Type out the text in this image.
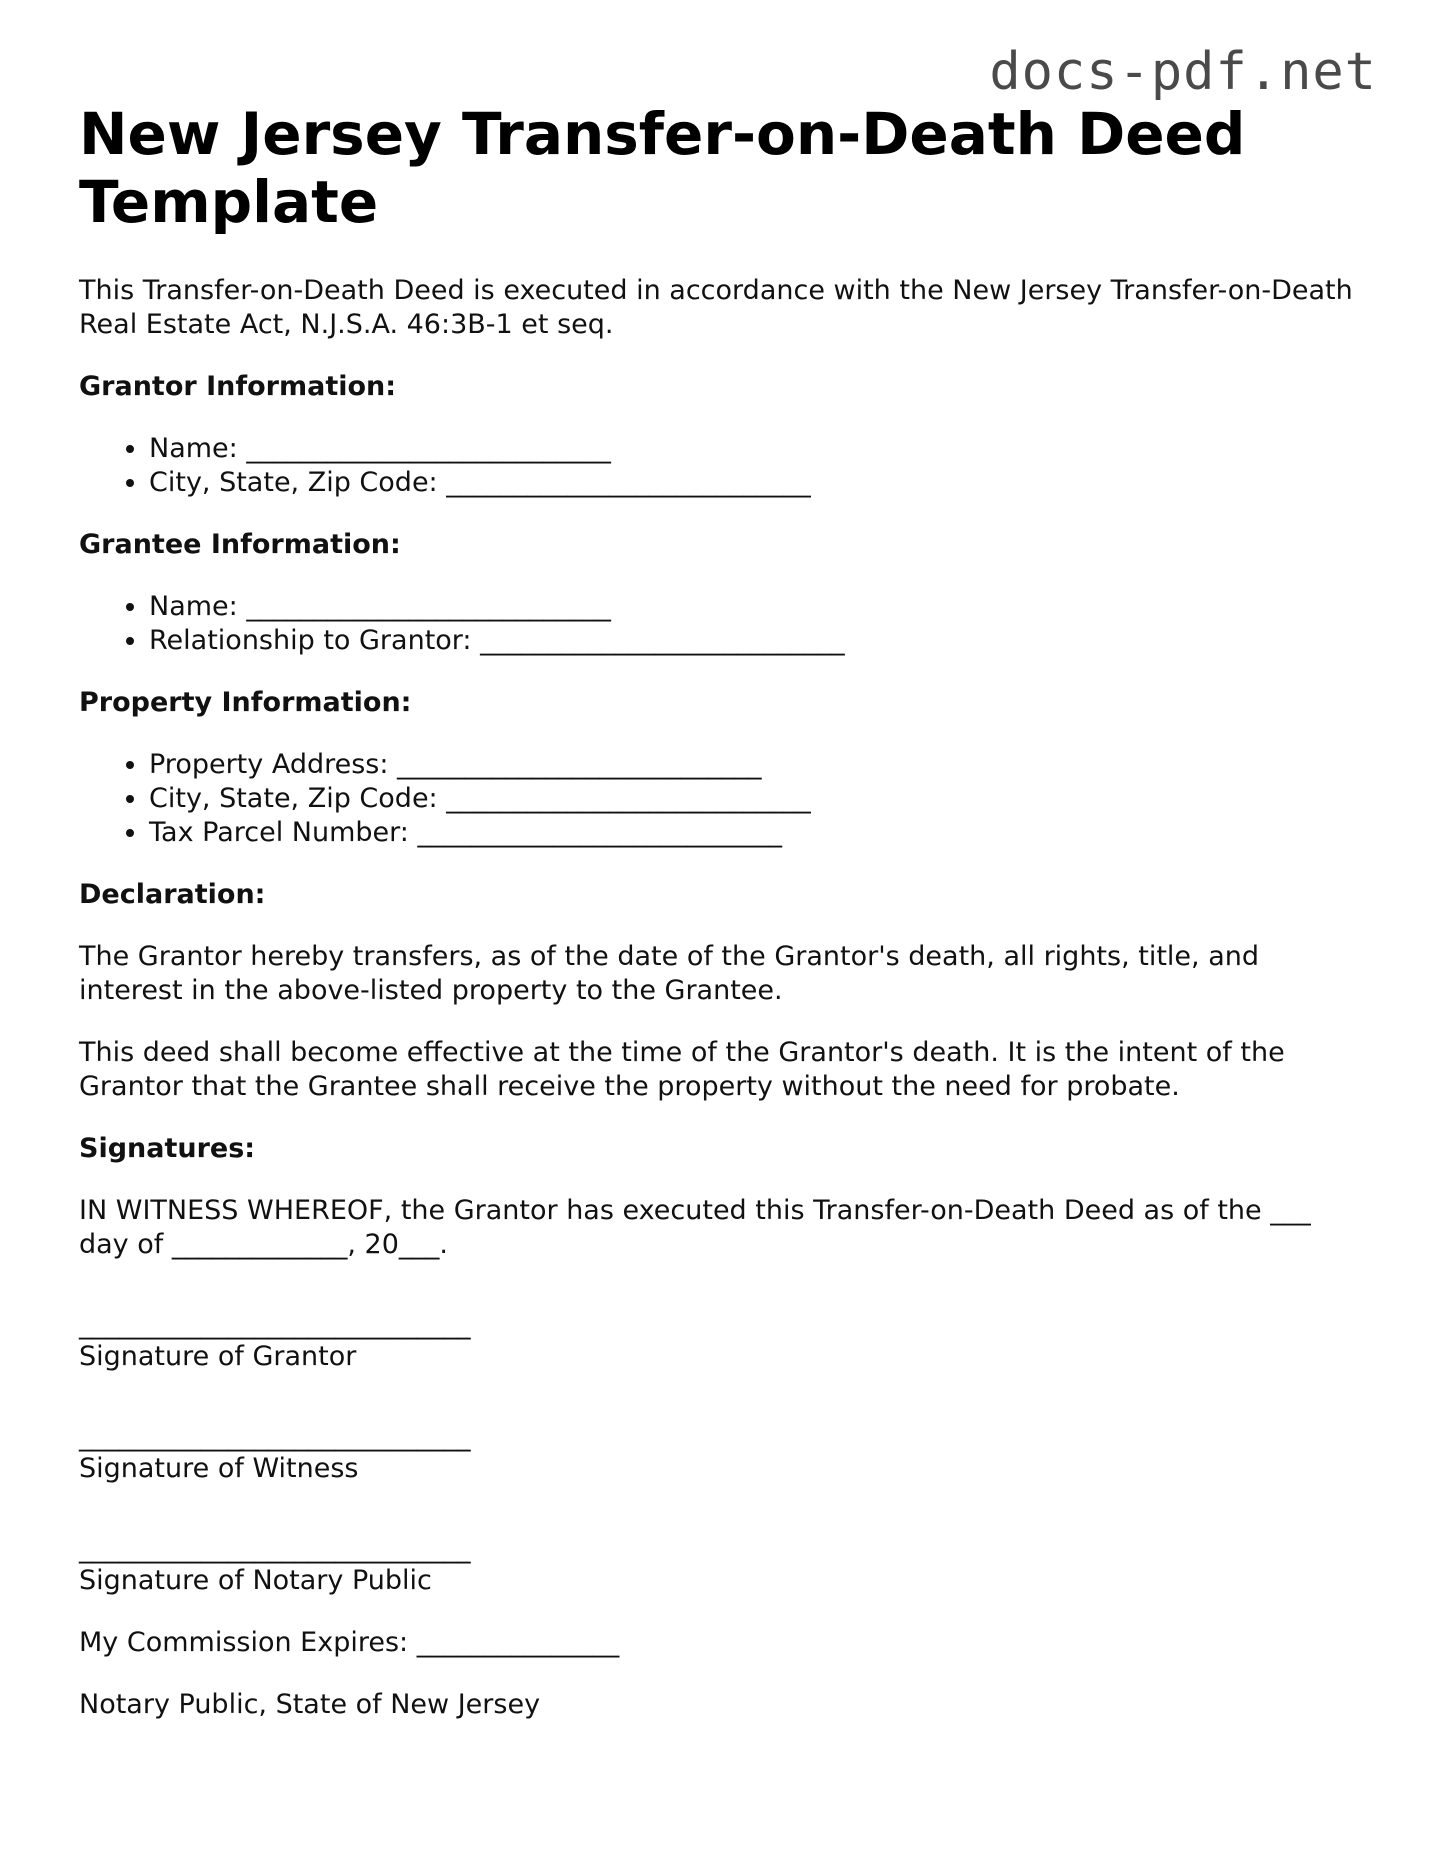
docs-pdf.net
New Jersey Transfer-on-Death Deed Template

This Transfer-on-Death Deed is executed in accordance with the New Jersey Transfer-on-Death Real Estate Act, N.J.S.A. 46:3B-1 et seq.

Grantor Information:
• Name: ___________________________
• City, State, Zip Code: ___________________________
Grantee Information:
• Name: ___________________________
• Relationship to Grantor: ___________________________
Property Information:
• Property Address: ___________________________
• City, State, Zip Code: ___________________________
• Tax Parcel Number: ___________________________
Declaration:

The Grantor hereby transfers, as of the date of the Grantor's death, all rights, title, and interest in the above-listed property to the Grantee.

This deed shall become effective at the time of the Grantor's death. It is the intent of the Grantor that the Grantee shall receive the property without the need for probate.

Signatures:

IN WITNESS WHEREOF, the Grantor has executed this Transfer-on-Death Deed as of the ___ day of _____________, 20___.

_____________________________
Signature of Grantor
_____________________________
Signature of Witness
_____________________________
Signature of Notary Public

My Commission Expires: _______________

Notary Public, State of New Jersey
